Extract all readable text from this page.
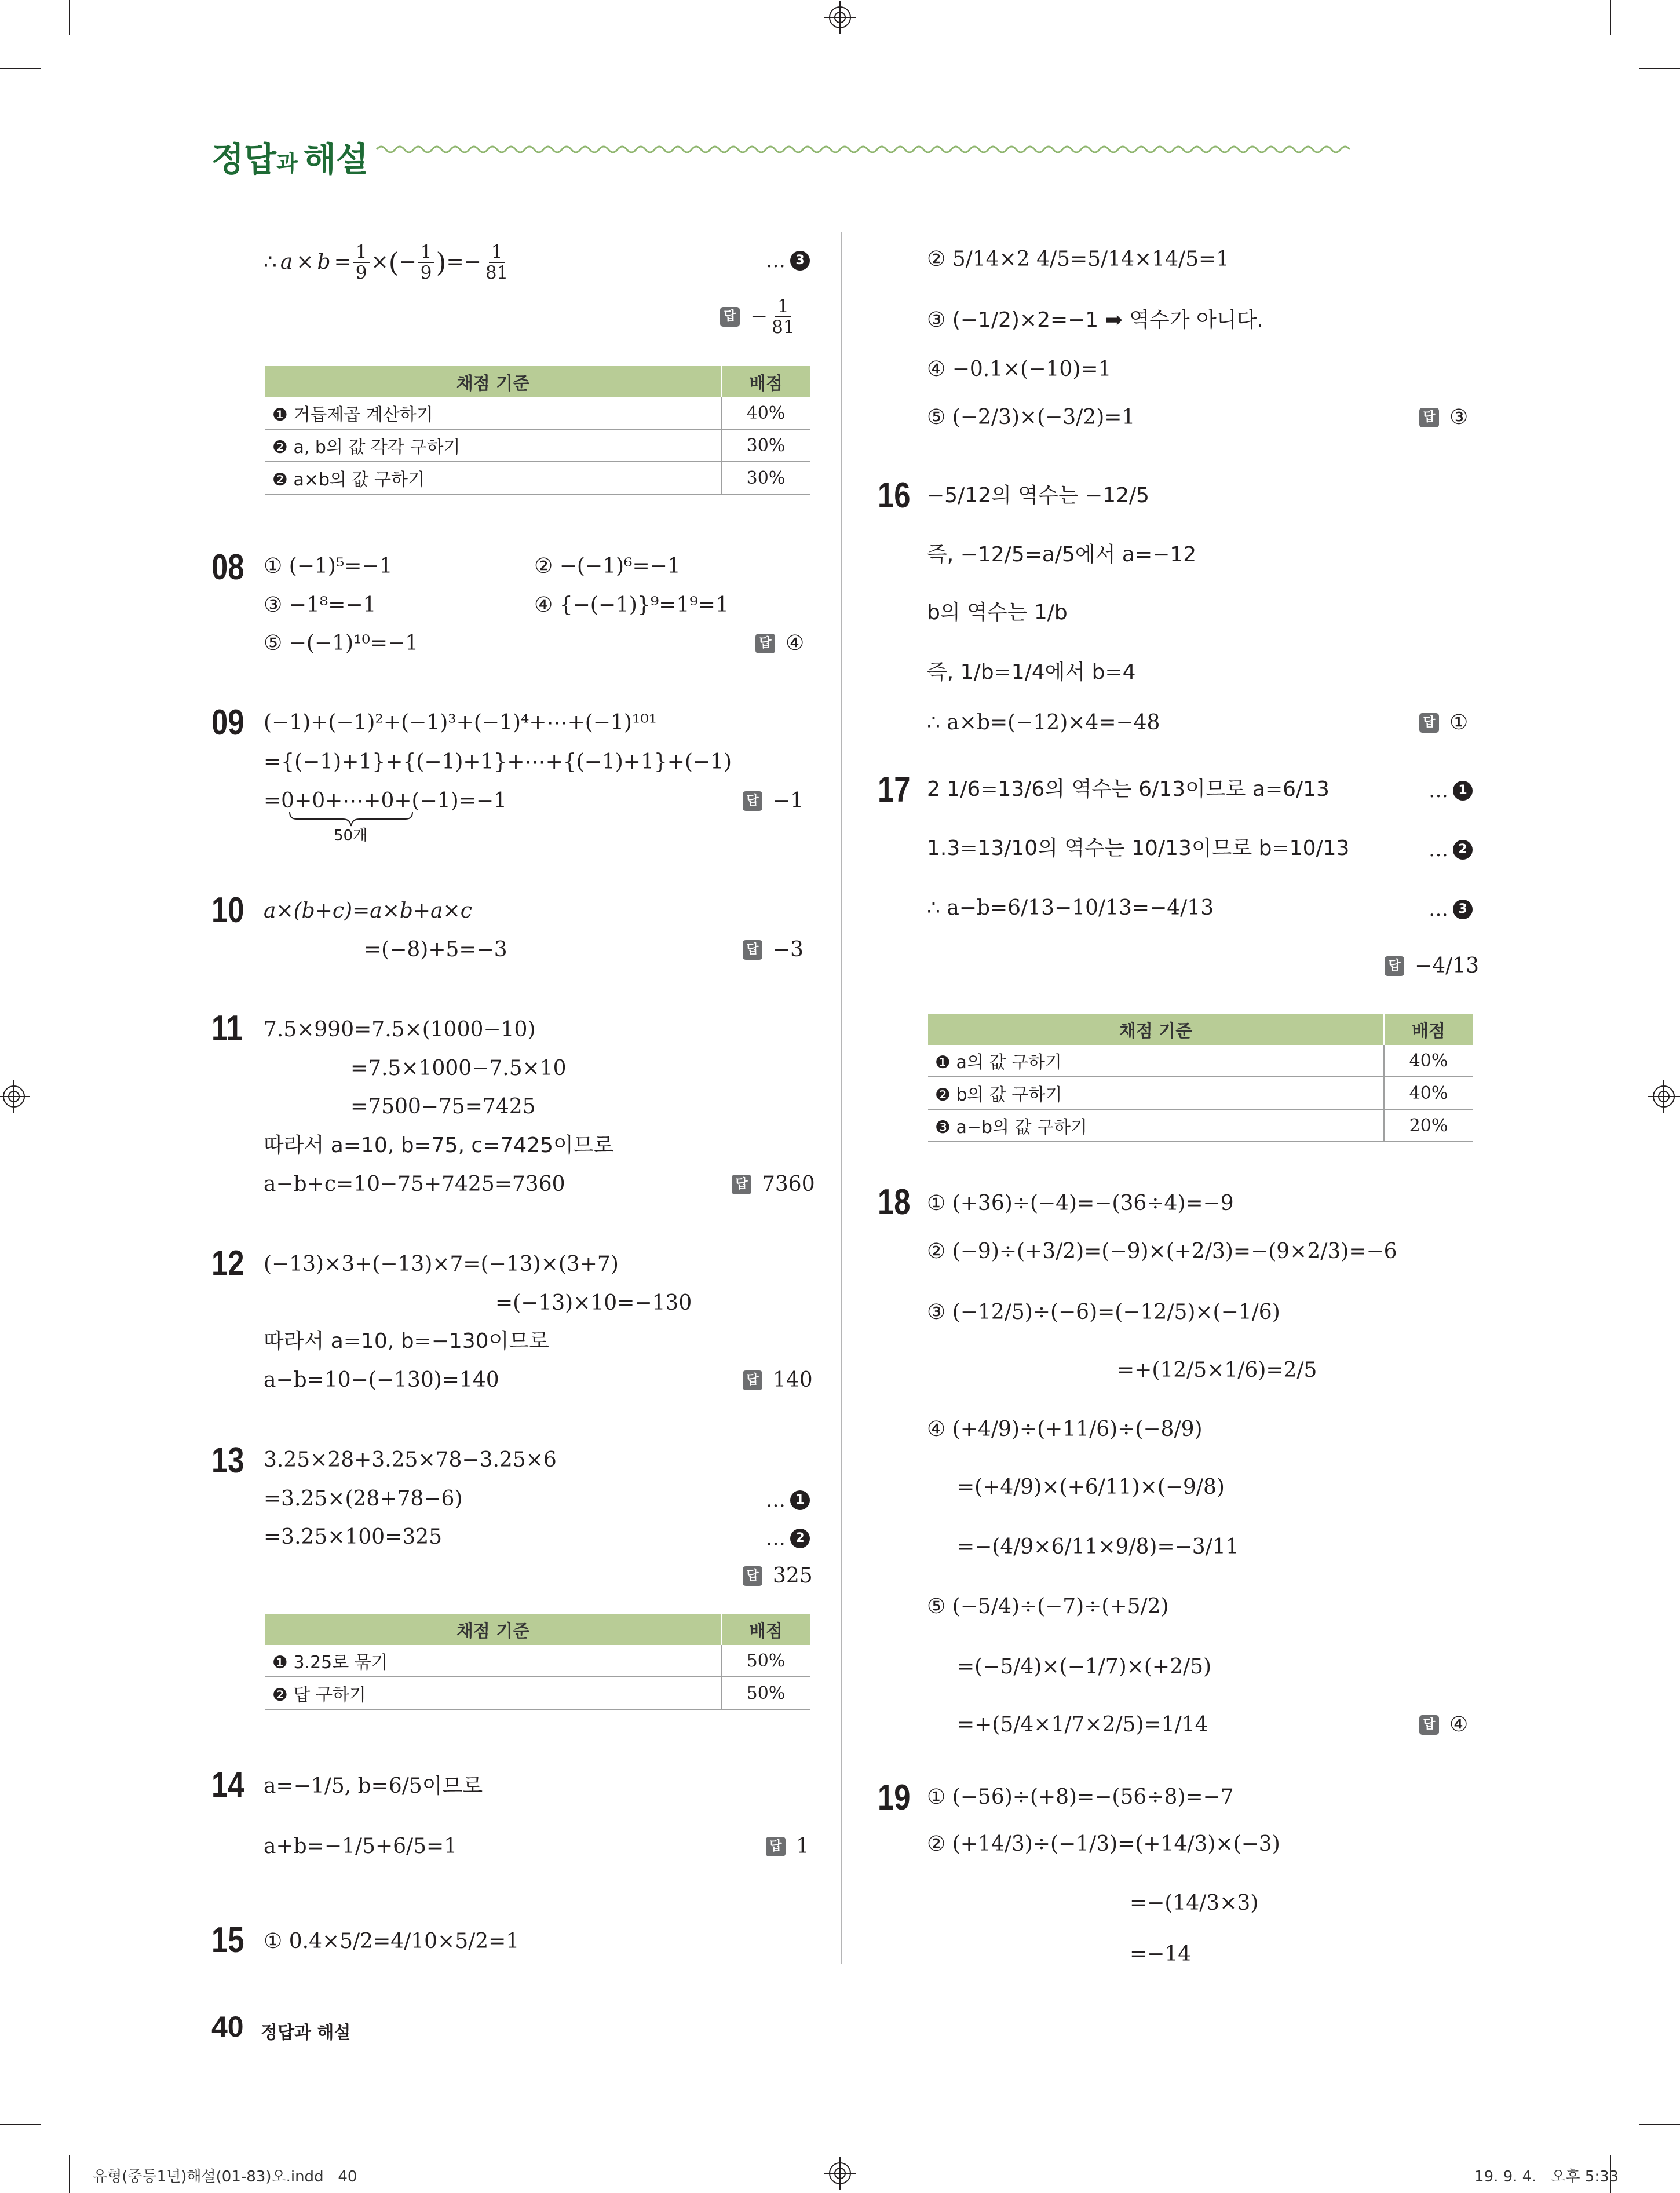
정답과 해설
∴ $a \times b = \frac{1}{9}$ × ( − $\frac{1}{9}$ ) =− $\frac{1}{81}$	… 3
답 − $\frac{1}{81}$
채점 기준	배점
❶ 거듭제곱 계산하기	40%
❷ a, b의 값 각각 구하기	30%
❷ a×b의 값 구하기	30%
08 ① (−1)⁵=−1	② −(−1)⁶=−1
③ −1⁸=−1	④ {−(−1)}⁹=1⁹=1
⑤ −(−1)¹⁰=−1	답 ④
09 (−1)+(−1)²+(−1)³+(−1)⁴+⋯+(−1)¹⁰¹
={(−1)+1}+{(−1)+1}+⋯+{(−1)+1}+(−1)
=0+0+⋯+0+(−1)=−1
50개
답 −1
10 a×(b+c)=a×b+a×c
=(−8)+5=−3	답 −3
11 7.5×990=7.5×(1000−10)
=7.5×1000−7.5×10
=7500−75=7425
따라서 a=10, b=75, c=7425이므로
a−b+c=10−75+7425=7360	답 7360
12 (−13)×3+(−13)×7=(−13)×(3+7)
=(−13)×10=−130
따라서 a=10, b=−130이므로
a−b=10−(−130)=140	답 140
13 3.25×28+3.25×78−3.25×6
=3.25×(28+78−6)
=3.25×100=325
… 1
… 2
답 325
채점 기준	배점
❶ 3.25로 묶기	50%
❷ 답 구하기	50%
14 a=−1/5, b=6/5이므로
a+b=−1/5+6/5=1	답 1
15 ① 0.4×5/2=4/10×5/2=1
② 5/14×2 4/5=5/14×14/5=1
③ (−1/2)×2=−1 ➡ 역수가 아니다.
④ −0.1×(−10)=1
⑤ (−2/3)×(−3/2)=1	답 ③
16 −5/12의 역수는 −12/5
즉, −12/5=a/5에서 a=−12
b의 역수는 1/b
즉, 1/b=1/4에서 b=4
∴ a×b=(−12)×4=−48	답 ①
17 2 1/6=13/6의 역수는 6/13이므로 a=6/13
1.3=13/10의 역수는 10/13이므로 b=10/13
∴ a−b=6/13−10/13=−4/13
… 1
… 2
… 3
답 −4/13
채점 기준	배점
❶ a의 값 구하기	40%
❷ b의 값 구하기	40%
❸ a−b의 값 구하기	20%
18 ① (+36)÷(−4)=−(36÷4)=−9
② (−9)÷(+3/2)=(−9)×(+2/3)=−(9×2/3)=−6
③ (−12/5)÷(−6)=(−12/5)×(−1/6)
=+(12/5×1/6)=2/5
④ (+4/9)÷(+11/6)÷(−8/9)
=(+4/9)×(+6/11)×(−9/8)
=−(4/9×6/11×9/8)=−3/11
⑤ (−5/4)÷(−7)÷(+5/2)
=(−5/4)×(−1/7)×(+2/5)
=+(5/4×1/7×2/5)=1/14	답 ④
19 ① (−56)÷(+8)=−(56÷8)=−7
② (+14/3)÷(−1/3)=(+14/3)×(−3)
=−(14/3×3)
=−14
40 정답과 해설
유형(중등1년)해설(01-83)오.indd   40	19. 9. 4.   오후 5:33
